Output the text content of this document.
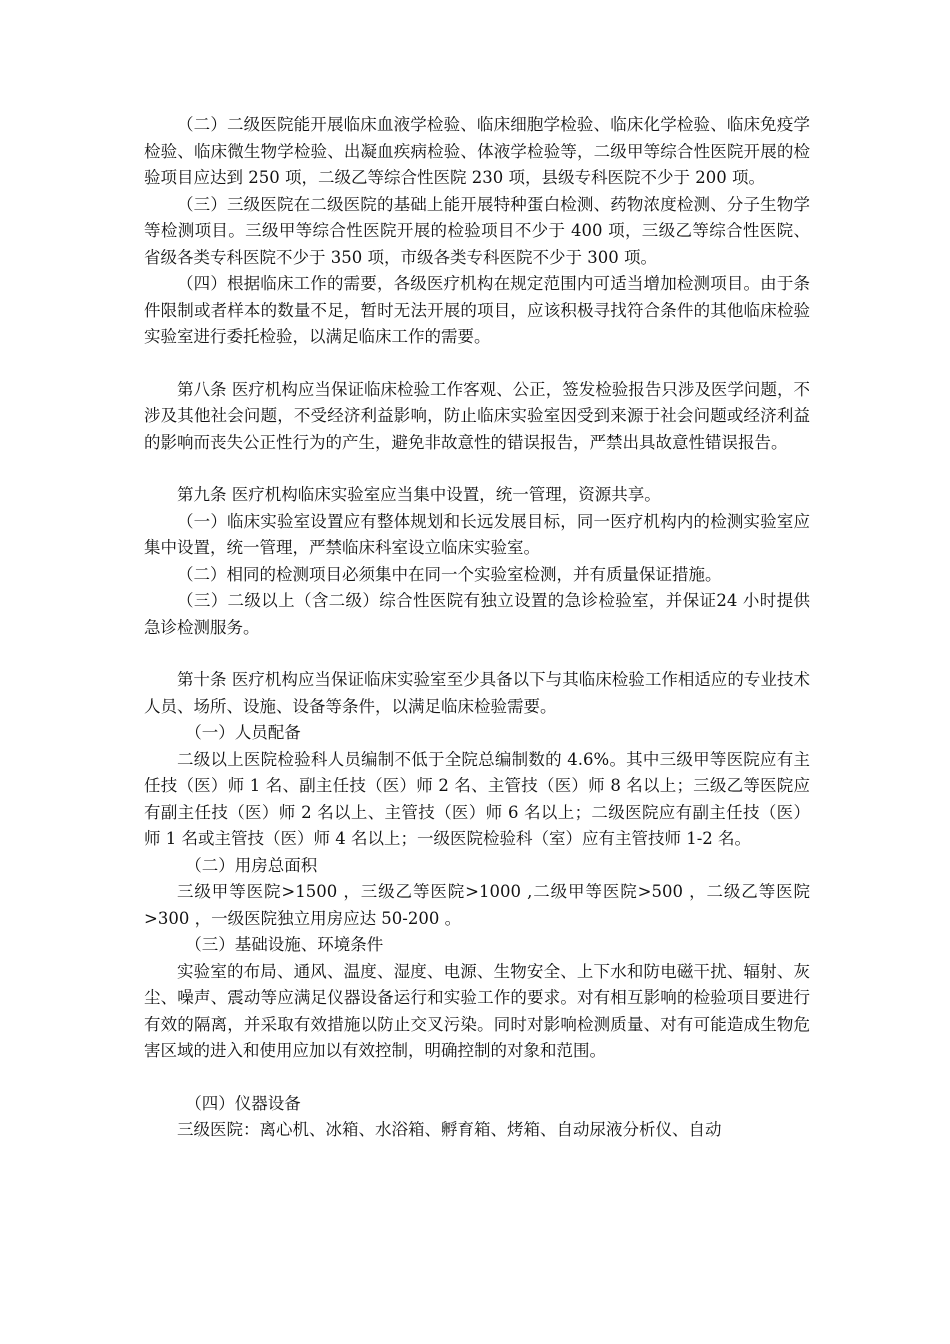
（二）二级医院能开展临床血液学检验、临床细胞学检验、临床化学检验、临床免疫学检验、临床微生物学检验、出凝血疾病检验、体液学检验等，二级甲等综合性医院开展的检验项目应达到 250 项，二级乙等综合性医院 230 项，县级专科医院不少于 200 项。

（三）三级医院在二级医院的基础上能开展特种蛋白检测、药物浓度检测、分子生物学等检测项目。三级甲等综合性医院开展的检验项目不少于 400 项，三级乙等综合性医院、省级各类专科医院不少于 350 项，市级各类专科医院不少于 300 项。

（四）根据临床工作的需要，各级医疗机构在规定范围内可适当增加检测项目。由于条件限制或者样本的数量不足，暂时无法开展的项目，应该积极寻找符合条件的其他临床检验实验室进行委托检验，以满足临床工作的需要。

第八条 医疗机构应当保证临床检验工作客观、公正，签发检验报告只涉及医学问题，不涉及其他社会问题，不受经济利益影响，防止临床实验室因受到来源于社会问题或经济利益的影响而丧失公正性行为的产生，避免非故意性的错误报告，严禁出具故意性错误报告。

第九条 医疗机构临床实验室应当集中设置，统一管理，资源共享。

（一）临床实验室设置应有整体规划和长远发展目标，同一医疗机构内的检测实验室应集中设置，统一管理，严禁临床科室设立临床实验室。

（二）相同的检测项目必须集中在同一个实验室检测，并有质量保证措施。

（三）二级以上（含二级）综合性医院有独立设置的急诊检验室，并保证24 小时提供急诊检测服务。

第十条 医疗机构应当保证临床实验室至少具备以下与其临床检验工作相适应的专业技术人员、场所、设施、设备等条件，以满足临床检验需要。

（一）人员配备

二级以上医院检验科人员编制不低于全院总编制数的 4.6%。其中三级甲等医院应有主任技（医）师 1 名、副主任技（医）师 2 名、主管技（医）师 8 名以上；三级乙等医院应有副主任技（医）师 2 名以上、主管技（医）师 6 名以上；二级医院应有副主任技（医）师 1 名或主管技（医）师 4 名以上；一级医院检验科（室）应有主管技师 1-2 名。

（二）用房总面积

三级甲等医院>1500 ，三级乙等医院>1000 ,二级甲等医院>500 ，二级乙等医院>300 ，一级医院独立用房应达 50-200 。

（三）基础设施、环境条件

实验室的布局、通风、温度、湿度、电源、生物安全、上下水和防电磁干扰、辐射、灰尘、噪声、震动等应满足仪器设备运行和实验工作的要求。对有相互影响的检验项目要进行有效的隔离，并采取有效措施以防止交叉污染。同时对影响检测质量、对有可能造成生物危害区域的进入和使用应加以有效控制，明确控制的对象和范围。

（四）仪器设备

三级医院：离心机、冰箱、水浴箱、孵育箱、烤箱、自动尿液分析仪、自动
